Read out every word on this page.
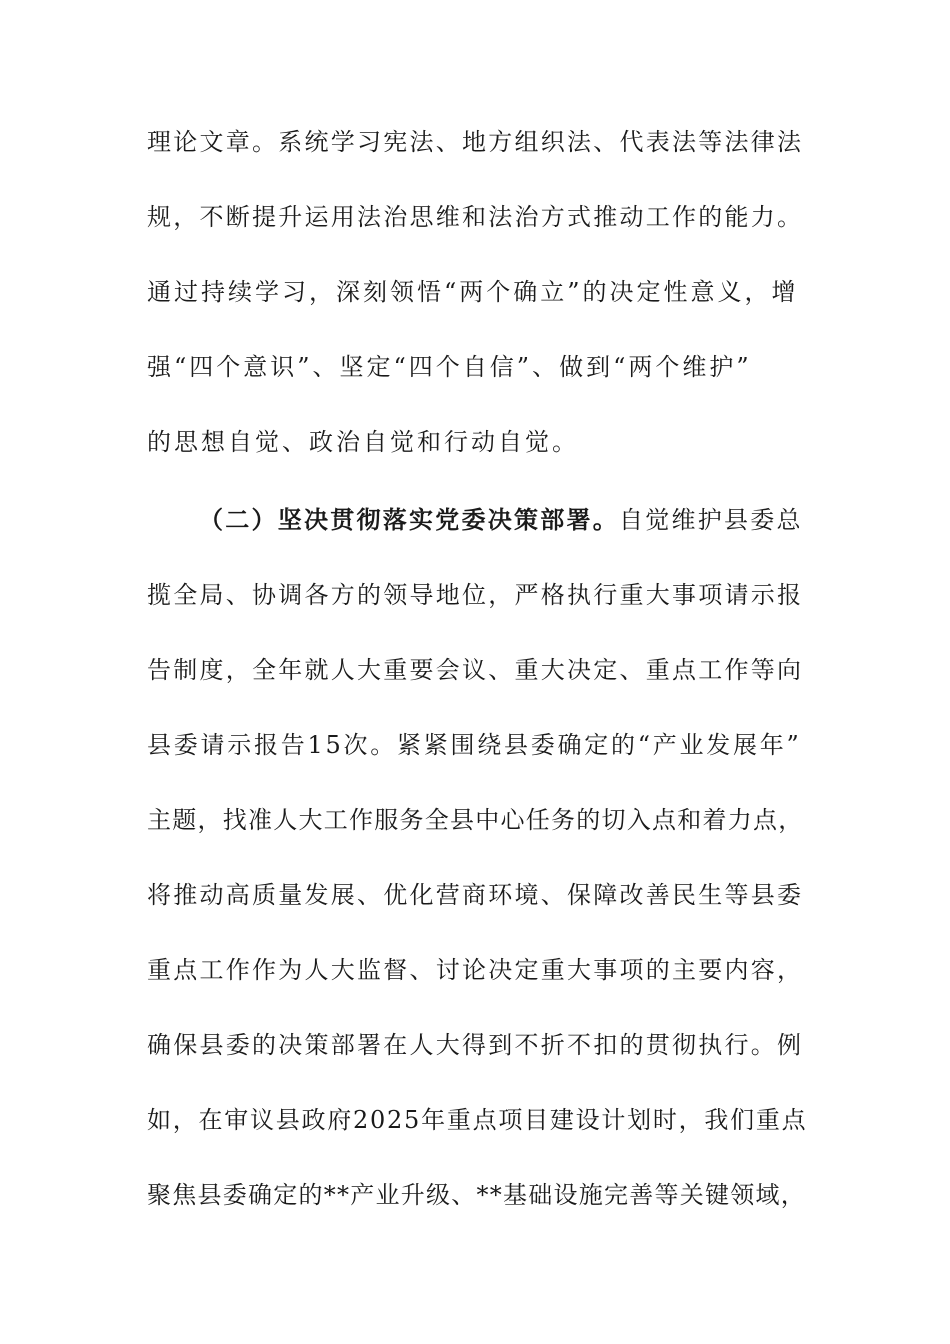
理论文章。系统学习宪法、地方组织法、代表法等法律法
规，不断提升运用法治思维和法治方式推动工作的能力。
通过持续学习，深刻领悟“两个确立”的决定性意义，增
强“四个意识”、坚定“四个自信”、做到“两个维护”
的思想自觉、政治自觉和行动自觉。
（二）坚决贯彻落实党委决策部署。自觉维护县委总
揽全局、协调各方的领导地位，严格执行重大事项请示报
告制度，全年就人大重要会议、重大决定、重点工作等向
县委请示报告15次。紧紧围绕县委确定的“产业发展年”
主题，找准人大工作服务全县中心任务的切入点和着力点，
将推动高质量发展、优化营商环境、保障改善民生等县委
重点工作作为人大监督、讨论决定重大事项的主要内容，
确保县委的决策部署在人大得到不折不扣的贯彻执行。例
如，在审议县政府2025年重点项目建设计划时，我们重点
聚焦县委确定的**产业升级、**基础设施完善等关键领域，
